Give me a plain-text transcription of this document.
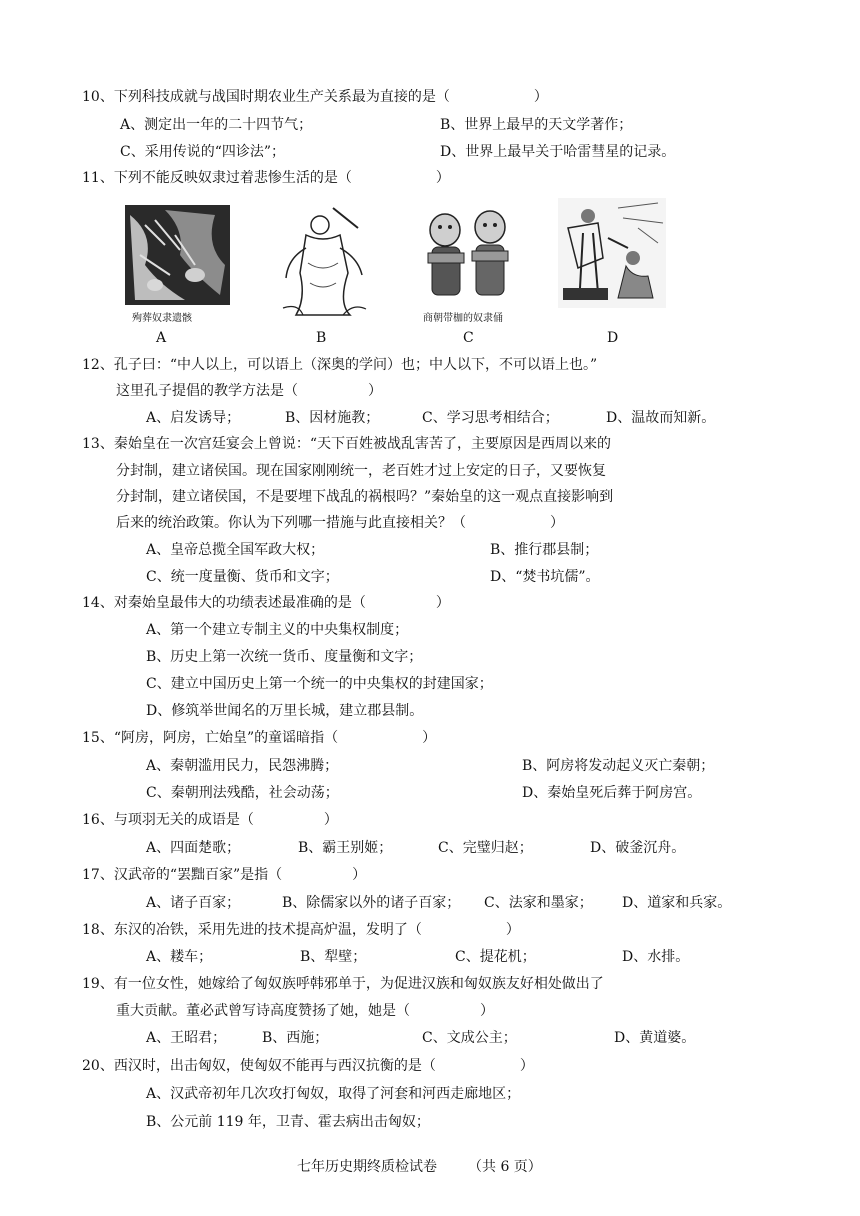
10、下列科技成就与战国时期农业生产关系最为直接的是（　　　　　　）
A、测定出一年的二十四节气；	B、世界上最早的天文学著作；
C、采用传说的“四诊法”；	D、世界上最早关于哈雷彗星的记录。
11、下列不能反映奴隶过着悲惨生活的是（　　　　　　）
殉葬奴隶遗骸
A	B
商朝带枷的奴隶俑
C	D
12、孔子曰：“中人以上，可以语上（深奥的学问）也；中人以下，不可以语上也。”
这里孔子提倡的教学方法是（　　　　　）
A、启发诱导；	B、因材施教；	C、学习思考相结合；	D、温故而知新。
13、秦始皇在一次宫廷宴会上曾说：“天下百姓被战乱害苦了，主要原因是西周以来的
分封制，建立诸侯国。现在国家刚刚统一，老百姓才过上安定的日子，又要恢复
分封制，建立诸侯国，不是要埋下战乱的祸根吗？”秦始皇的这一观点直接影响到
后来的统治政策。你认为下列哪一措施与此直接相关？（　　　　　　）
A、皇帝总揽全国军政大权；	B、推行郡县制；
C、统一度量衡、货币和文字；	D、“焚书坑儒”。
14、对秦始皇最伟大的功绩表述最准确的是（　　　　　）
A、第一个建立专制主义的中央集权制度；
B、历史上第一次统一货币、度量衡和文字；
C、建立中国历史上第一个统一的中央集权的封建国家；
D、修筑举世闻名的万里长城，建立郡县制。
15、“阿房，阿房，亡始皇”的童谣暗指（　　　　　　）
A、秦朝滥用民力，民怨沸腾；	B、阿房将发动起义灭亡秦朝；
C、秦朝刑法残酷，社会动荡；	D、秦始皇死后葬于阿房宫。
16、与项羽无关的成语是（　　　　　）
A、四面楚歌；	B、霸王别姬；	C、完璧归赵；	D、破釜沉舟。
17、汉武帝的“罢黜百家”是指（　　　　　）
A、诸子百家；	B、除儒家以外的诸子百家； C、法家和墨家； D、道家和兵家。
18、东汉的冶铁，采用先进的技术提高炉温，发明了（　　　　　　）
A、耧车；	B、犁壁；	C、提花机；	D、水排。
19、有一位女性，她嫁给了匈奴族呼韩邪单于，为促进汉族和匈奴族友好相处做出了
重大贡献。董必武曾写诗高度赞扬了她，她是（　　　　　）
A、王昭君；	B、西施；	C、文成公主；	D、黄道婆。
20、西汉时，出击匈奴，使匈奴不能再与西汉抗衡的是（　　　　　　）
A、汉武帝初年几次攻打匈奴，取得了河套和河西走廊地区；
B、公元前 119 年，卫青、霍去病出击匈奴；
七年历史期终质检试卷 （共 6 页）
